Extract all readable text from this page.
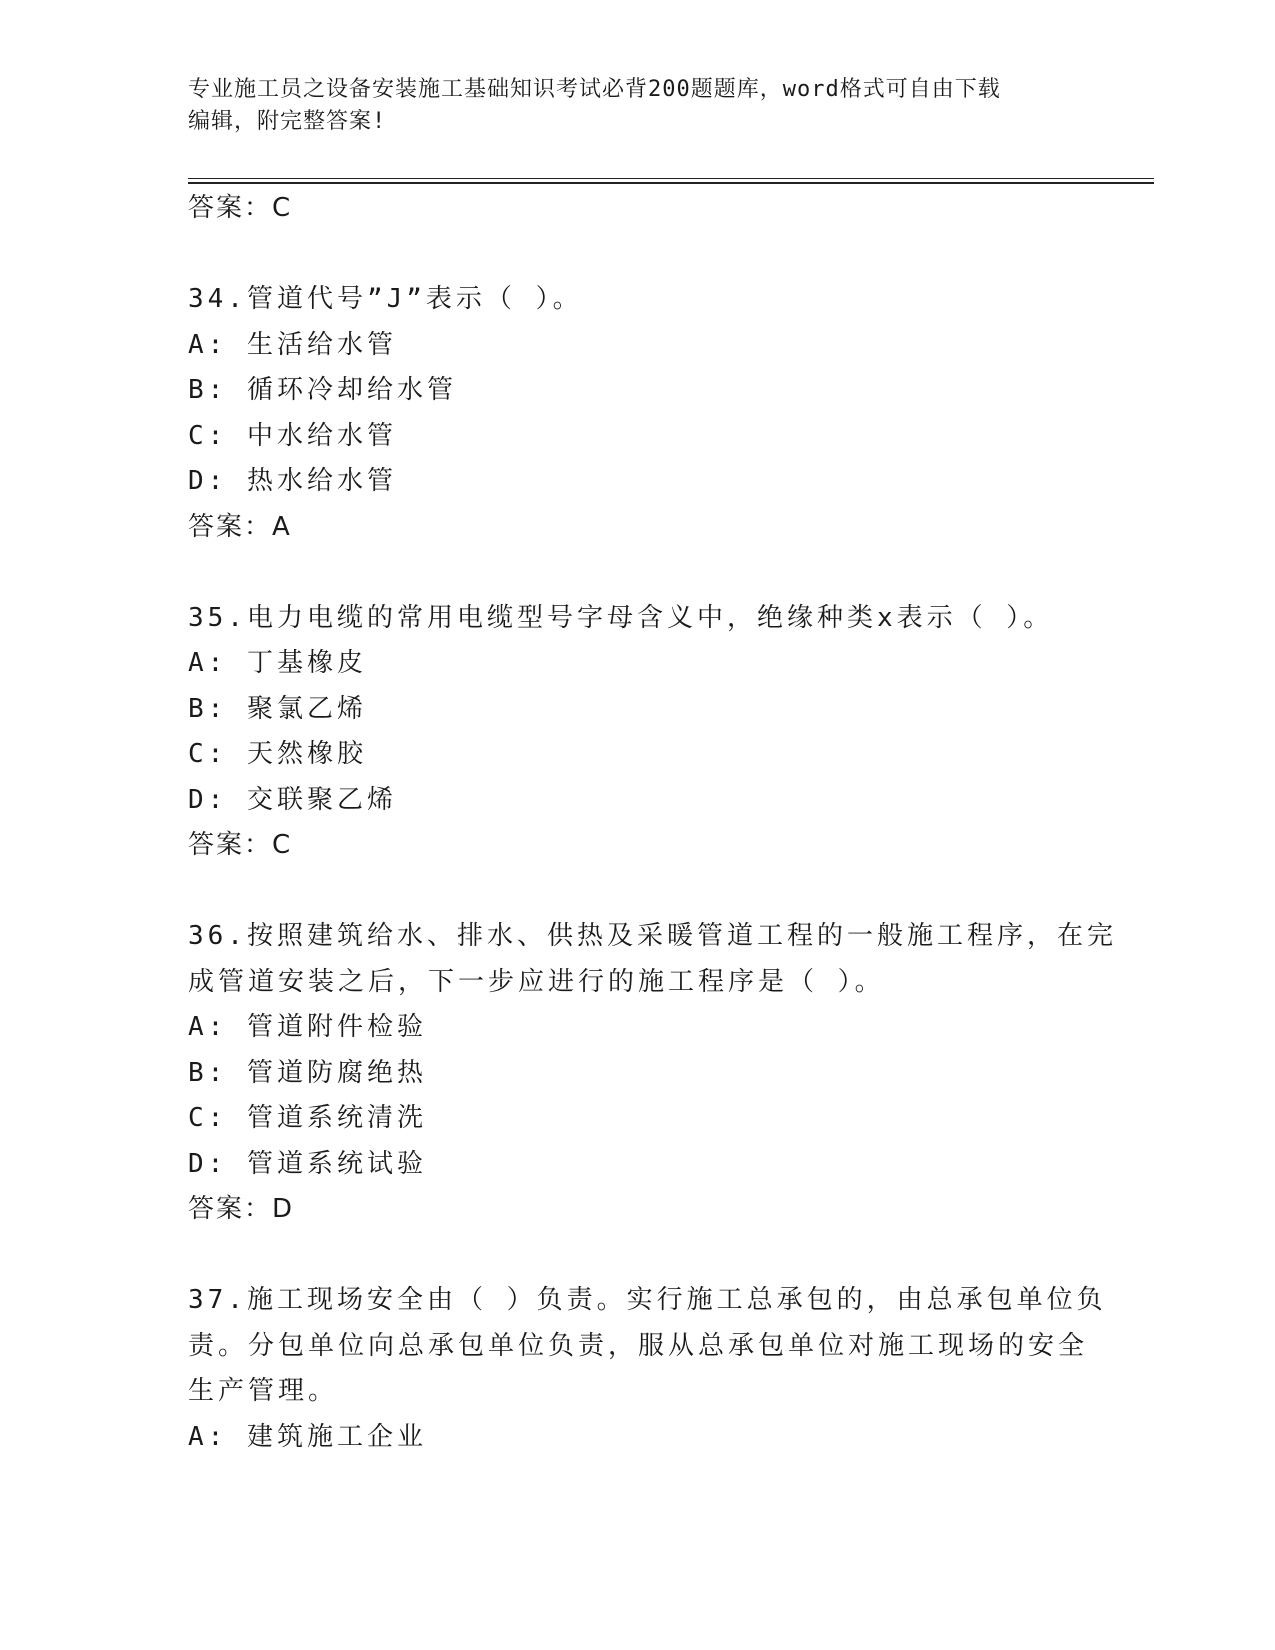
专业施工员之设备安装施工基础知识考试必背200题题库，word格式可自由下载
编辑，附完整答案!
答案：C
34.管道代号”J”表示（ ）。
A: 生活给水管
B: 循环冷却给水管
C: 中水给水管
D: 热水给水管
答案：A
35.电力电缆的常用电缆型号字母含义中，绝缘种类x表示（ ）。
A: 丁基橡皮
B: 聚氯乙烯
C: 天然橡胶
D: 交联聚乙烯
答案：C
36.按照建筑给水、排水、供热及采暖管道工程的一般施工程序，在完
成管道安装之后，下一步应进行的施工程序是（ ）。
A: 管道附件检验
B: 管道防腐绝热
C: 管道系统清洗
D: 管道系统试验
答案：D
37.施工现场安全由（ ）负责。实行施工总承包的，由总承包单位负
责。分包单位向总承包单位负责，服从总承包单位对施工现场的安全
生产管理。
A: 建筑施工企业
